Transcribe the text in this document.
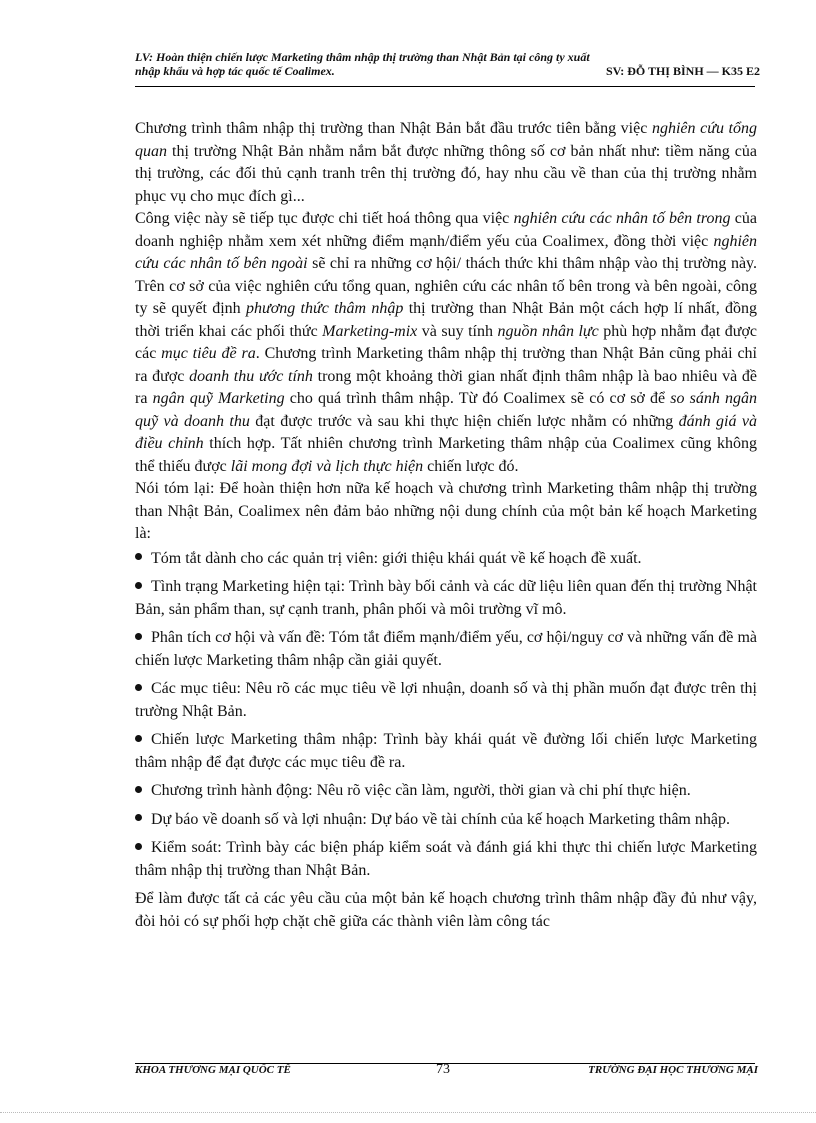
LV: Hoàn thiện chiến lược Marketing thâm nhập thị trường than Nhật Bản tại công ty xuất
nhập khẩu và hợp tác quốc tế Coalimex.	SV: ĐỖ THỊ BÌNH — K35 E2

Chương trình thâm nhập thị trường than Nhật Bản bắt đầu trước tiên bằng việc nghiên cứu tổng quan thị trường Nhật Bản nhằm nắm bắt được những thông số cơ bản nhất như: tiềm năng của thị trường, các đối thủ cạnh tranh trên thị trường đó, hay nhu cầu về than của thị trường nhằm phục vụ cho mục đích gì...

Công việc này sẽ tiếp tục được chi tiết hoá thông qua việc nghiên cứu các nhân tố bên trong của doanh nghiệp nhằm xem xét những điểm mạnh/điểm yếu của Coalimex, đồng thời việc nghiên cứu các nhân tố bên ngoài sẽ chỉ ra những cơ hội/ thách thức khi thâm nhập vào thị trường này. Trên cơ sở của việc nghiên cứu tổng quan, nghiên cứu các nhân tố bên trong và bên ngoài, công ty sẽ quyết định phương thức thâm nhập thị trường than Nhật Bản một cách hợp lí nhất, đồng thời triển khai các phối thức Marketing-mix và suy tính nguồn nhân lực phù hợp nhằm đạt được các mục tiêu đề ra. Chương trình Marketing thâm nhập thị trường than Nhật Bản cũng phải chỉ ra được doanh thu ước tính trong một khoảng thời gian nhất định thâm nhập là bao nhiêu và đề ra ngân quỹ Marketing cho quá trình thâm nhập. Từ đó Coalimex sẽ có cơ sở để so sánh ngân quỹ và doanh thu đạt được trước và sau khi thực hiện chiến lược nhằm có những đánh giá và điều chỉnh thích hợp. Tất nhiên chương trình Marketing thâm nhập của Coalimex cũng không thể thiếu được lãi mong đợi và lịch thực hiện chiến lược đó.

Nói tóm lại: Để hoàn thiện hơn nữa kế hoạch và chương trình Marketing thâm nhập thị trường than Nhật Bản, Coalimex nên đảm bảo những nội dung chính của một bản kế hoạch Marketing là:

Tóm tắt dành cho các quản trị viên: giới thiệu khái quát về kế hoạch đề xuất.
Tình trạng Marketing hiện tại: Trình bày bối cảnh và các dữ liệu liên quan đến thị trường Nhật Bản, sản phẩm than, sự cạnh tranh, phân phối và môi trường vĩ mô.
Phân tích cơ hội và vấn đề: Tóm tắt điểm mạnh/điểm yếu, cơ hội/nguy cơ và những vấn đề mà chiến lược Marketing thâm nhập cần giải quyết.
Các mục tiêu: Nêu rõ các mục tiêu về lợi nhuận, doanh số và thị phần muốn đạt được trên thị trường Nhật Bản.
Chiến lược Marketing thâm nhập: Trình bày khái quát về đường lối chiến lược Marketing thâm nhập để đạt được các mục tiêu đề ra.
Chương trình hành động: Nêu rõ việc cần làm, người, thời gian và chi phí thực hiện.
Dự báo về doanh số và lợi nhuận: Dự báo về tài chính của kế hoạch Marketing thâm nhập.
Kiểm soát: Trình bày các biện pháp kiểm soát và đánh giá khi thực thi chiến lược Marketing thâm nhập thị trường than Nhật Bản.

Để làm được tất cả các yêu cầu của một bản kế hoạch chương trình thâm nhập đầy đủ như vậy, đòi hỏi có sự phối hợp chặt chẽ giữa các thành viên làm công tác

KHOA THƯƠNG MẠI QUỐC TẾ	73	TRƯỜNG ĐẠI HỌC THƯƠNG MẠI
